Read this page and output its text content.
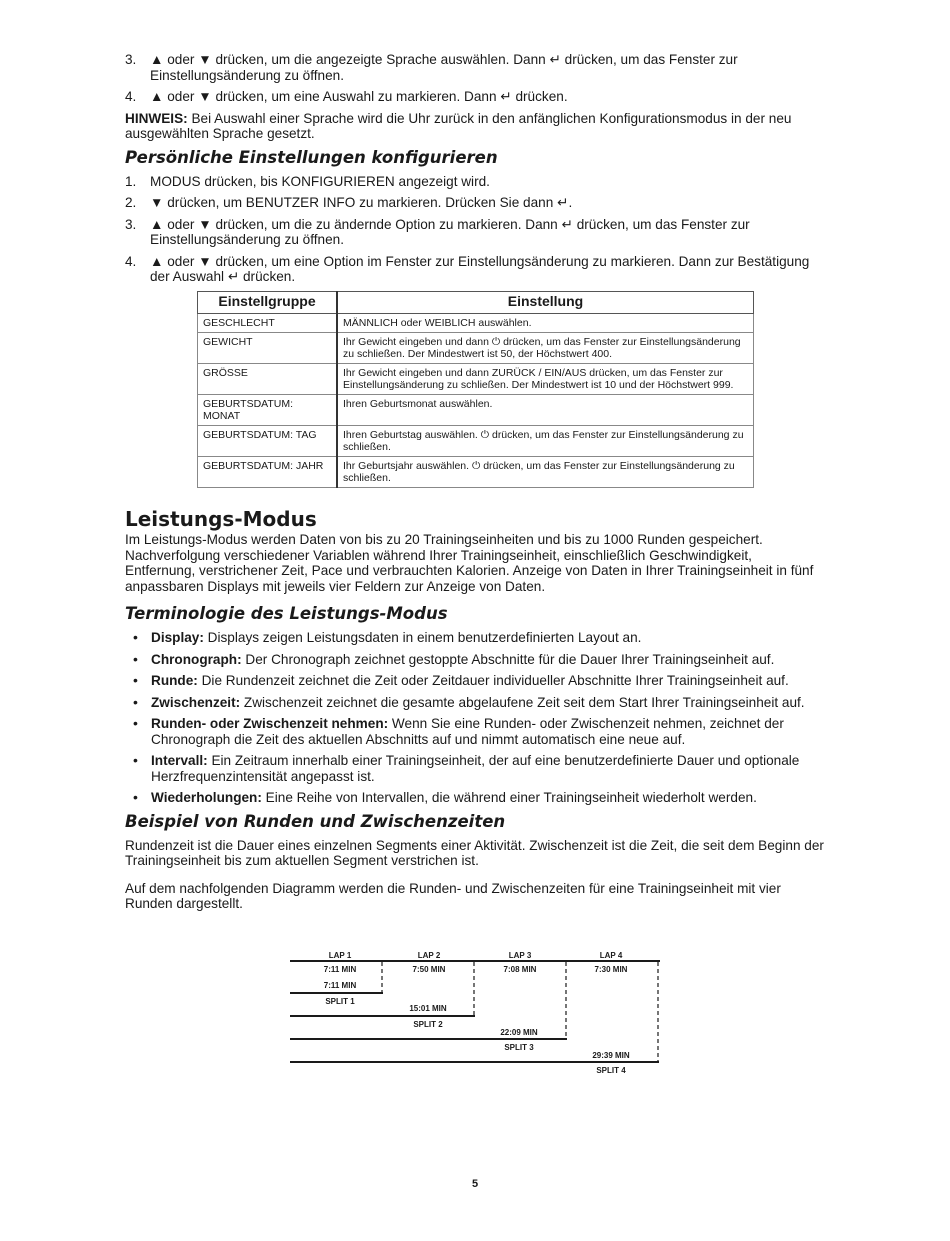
3.	▲ oder ▼ drücken, um die angezeigte Sprache auswählen. Dann ↵ drücken, um das Fenster zur Einstellungsänderung zu öffnen.
4.	▲ oder ▼ drücken, um eine Auswahl zu markieren. Dann ↵ drücken.

HINWEIS: Bei Auswahl einer Sprache wird die Uhr zurück in den anfänglichen Konfigurationsmodus in der neu ausgewählten Sprache gesetzt.

Persönliche Einstellungen konfigurieren
1.	MODUS drücken, bis KONFIGURIEREN angezeigt wird.
2.	▼ drücken, um BENUTZER INFO zu markieren. Drücken Sie dann ↵.
3.	▲ oder ▼ drücken, um die zu ändernde Option zu markieren. Dann ↵ drücken, um das Fenster zur Einstellungsänderung zu öffnen.
4.	▲ oder ▼ drücken, um eine Option im Fenster zur Einstellungsänderung zu markieren. Dann zur Bestätigung der Auswahl ↵ drücken.
Einstellgruppe	Einstellung
GESCHLECHT	MÄNNLICH oder WEIBLICH auswählen.
GEWICHT	Ihr Gewicht eingeben und dann ⏻ drücken, um das Fenster zur Einstellungsänderung zu schließen. Der Mindestwert ist 50, der Höchstwert 400.
GRÖSSE	Ihr Gewicht eingeben und dann ZURÜCK / EIN/AUS drücken, um das Fenster zur Einstellungsänderung zu schließen. Der Mindestwert ist 10 und der Höchstwert 999.
GEBURTSDATUM: MONAT	Ihren Geburtsmonat auswählen.
GEBURTSDATUM: TAG	Ihren Geburtstag auswählen. ⏻ drücken, um das Fenster zur Einstellungsänderung zu schließen.
GEBURTSDATUM: JAHR	Ihr Geburtsjahr auswählen. ⏻ drücken, um das Fenster zur Einstellungsänderung zu schließen.
Leistungs-Modus

Im Leistungs-Modus werden Daten von bis zu 20 Trainingseinheiten und bis zu 1000 Runden gespeichert. Nachverfolgung verschiedener Variablen während Ihrer Trainingseinheit, einschließlich Geschwindigkeit, Entfernung, verstrichener Zeit, Pace und verbrauchten Kalorien. Anzeige von Daten in Ihrer Trainingseinheit in fünf anpassbaren Displays mit jeweils vier Feldern zur Anzeige von Daten.

Terminologie des Leistungs-Modus
• Display: Displays zeigen Leistungsdaten in einem benutzerdefinierten Layout an.
• Chronograph: Der Chronograph zeichnet gestoppte Abschnitte für die Dauer Ihrer Trainingseinheit auf.
• Runde: Die Rundenzeit zeichnet die Zeit oder Zeitdauer individueller Abschnitte Ihrer Trainingseinheit auf.
• Zwischenzeit: Zwischenzeit zeichnet die gesamte abgelaufene Zeit seit dem Start Ihrer Trainingseinheit auf.
• Runden- oder Zwischenzeit nehmen: Wenn Sie eine Runden- oder Zwischenzeit nehmen, zeichnet der Chronograph die Zeit des aktuellen Abschnitts auf und nimmt automatisch eine neue auf.
• Intervall: Ein Zeitraum innerhalb einer Trainingseinheit, der auf eine benutzerdefinierte Dauer und optionale Herzfrequenzintensität angepasst ist.
• Wiederholungen: Eine Reihe von Intervallen, die während einer Trainingseinheit wiederholt werden.
Beispiel von Runden und Zwischenzeiten

Rundenzeit ist die Dauer eines einzelnen Segments einer Aktivität. Zwischenzeit ist die Zeit, die seit dem Beginn der Trainingseinheit bis zum aktuellen Segment verstrichen ist.

Auf dem nachfolgenden Diagramm werden die Runden- und Zwischenzeiten für eine Trainingseinheit mit vier Runden dargestellt.

LAP 1	LAP 2	LAP 3	LAP 4
7:11 MIN	7:50 MIN	7:08 MIN	7:30 MIN
7:11 MIN
15:01 MIN
22:09 MIN
29:39 MIN
SPLIT 1
SPLIT 2
SPLIT 3
SPLIT 4
5
